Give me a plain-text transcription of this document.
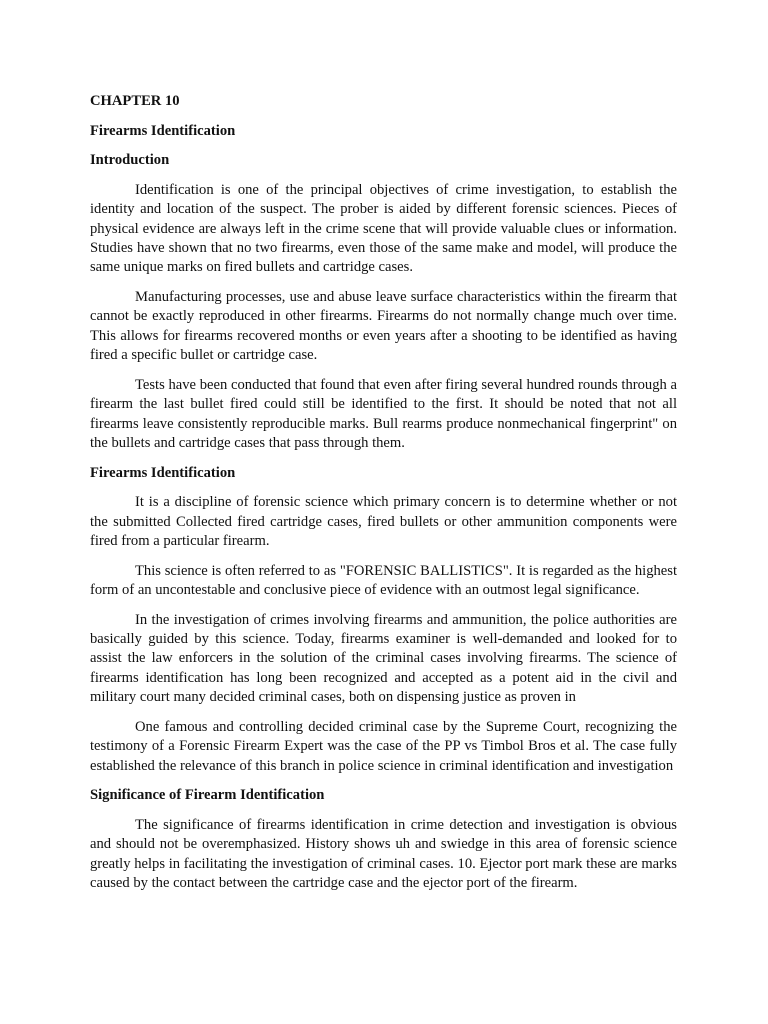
CHAPTER 10
Firearms Identification
Introduction
Identification is one of the principal objectives of crime investigation, to establish the identity and location of the suspect. The prober is aided by different forensic sciences. Pieces of physical evidence are always left in the crime scene that will provide valuable clues or information. Studies have shown that no two firearms, even those of the same make and model, will produce the same unique marks on fired bullets and cartridge cases.
Manufacturing processes, use and abuse leave surface characteristics within the firearm that cannot be exactly reproduced in other firearms. Firearms do not normally change much over time. This allows for firearms recovered months or even years after a shooting to be identified as having fired a specific bullet or cartridge case.
Tests have been conducted that found that even after firing several hundred rounds through a firearm the last bullet fired could still be identified to the first. It should be noted that not all firearms leave consistently reproducible marks. Bull rearms produce nonmechanical fingerprint" on the bullets and cartridge cases that pass through them.
Firearms Identification
It is a discipline of forensic science which primary concern is to determine whether or not the submitted Collected fired cartridge cases, fired bullets or other ammunition components were fired from a particular firearm.
This science is often referred to as "FORENSIC BALLISTICS". It is regarded as the highest form of an uncontestable and conclusive piece of evidence with an outmost legal significance.
In the investigation of crimes involving firearms and ammunition, the police authorities are basically guided by this science. Today, firearms examiner is well-demanded and looked for to assist the law enforcers in the solution of the criminal cases involving firearms. The science of firearms identification has long been recognized and accepted as a potent aid in the civil and military court many decided criminal cases, both on dispensing justice as proven in
One famous and controlling decided criminal case by the Supreme Court, recognizing the testimony of a Forensic Firearm Expert was the case of the PP vs Timbol Bros et al. The case fully established the relevance of this branch in police science in criminal identification and investigation
Significance of Firearm Identification
The significance of firearms identification in crime detection and investigation is obvious and should not be overemphasized. History shows uh and swiedge in this area of forensic science greatly helps in facilitating the investigation of criminal cases. 10. Ejector port mark these are marks caused by the contact between the cartridge case and the ejector port of the firearm.
